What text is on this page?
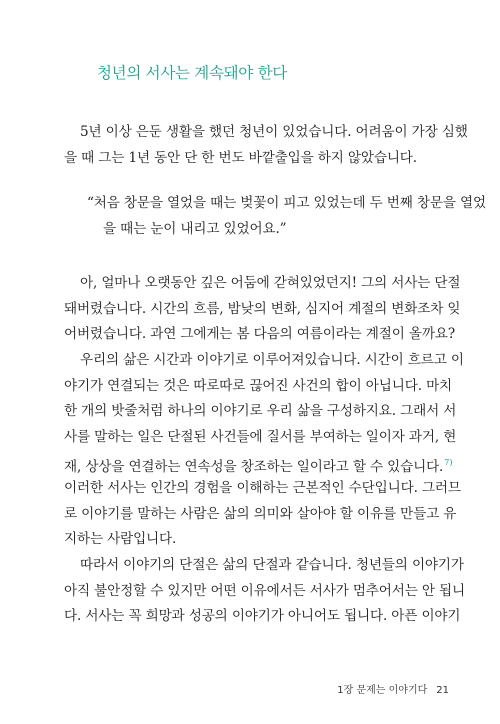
청년의 서사는 계속돼야 한다
5년 이상 은둔 생활을 했던 청년이 있었습니다. 어려움이 가장 심했
을 때 그는 1년 동안 단 한 번도 바깥출입을 하지 않았습니다.
“처음 창문을 열었을 때는 벚꽃이 피고 있었는데 두 번째 창문을 열었
을 때는 눈이 내리고 있었어요.”
아, 얼마나 오랫동안 깊은 어둠에 갇혀있었던지! 그의 서사는 단절
돼버렸습니다. 시간의 흐름, 밤낮의 변화, 심지어 계절의 변화조차 잊
어버렸습니다. 과연 그에게는 봄 다음의 여름이라는 계절이 올까요?
우리의 삶은 시간과 이야기로 이루어져있습니다. 시간이 흐르고 이
야기가 연결되는 것은 따로따로 끊어진 사건의 합이 아닙니다. 마치
한 개의 밧줄처럼 하나의 이야기로 우리 삶을 구성하지요. 그래서 서
사를 말하는 일은 단절된 사건들에 질서를 부여하는 일이자 과거, 현
재, 상상을 연결하는 연속성을 창조하는 일이라고 할 수 있습니다.$^{7)}$
이러한 서사는 인간의 경험을 이해하는 근본적인 수단입니다. 그러므
로 이야기를 말하는 사람은 삶의 의미와 살아야 할 이유를 만들고 유
지하는 사람입니다.
따라서 이야기의 단절은 삶의 단절과 같습니다. 청년들의 이야기가
아직 불안정할 수 있지만 어떤 이유에서든 서사가 멈추어서는 안 됩니
다. 서사는 꼭 희망과 성공의 이야기가 아니어도 됩니다. 아픈 이야기
1장 문제는 이야기다 21
